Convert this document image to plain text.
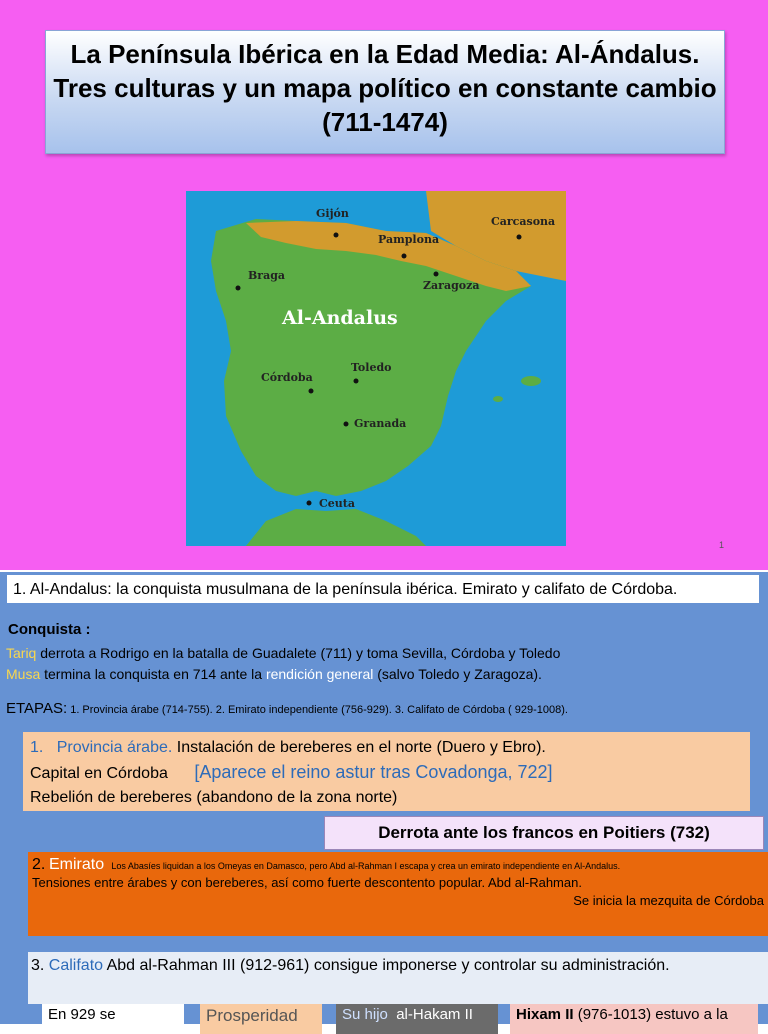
La Península Ibérica en la Edad Media: Al-Ándalus.
Tres culturas y un mapa político en constante cambio
(711-1474)
Gijón
Carcasona
Pamplona
Braga
Zaragoza
Toledo
Córdoba
Granada
Ceuta
Al-Andalus
1
1. Al-Andalus: la conquista musulmana de la península ibérica. Emirato y califato de Córdoba.
Conquista :
Tariq derrota a Rodrigo en la batalla de Guadalete (711) y toma Sevilla, Córdoba y Toledo
Musa termina la conquista en 714 ante la rendición general (salvo Toledo y Zaragoza).
ETAPAS: 1. Provincia árabe (714-755). 2. Emirato independiente (756-929). 3. Califato de Córdoba ( 929-1008).
1. Provincia árabe. Instalación de bereberes en el norte (Duero y Ebro).
Capital en Córdoba [Aparece el reino astur tras Covadonga, 722]
Rebelión de bereberes (abandono de la zona norte)
Derrota ante los francos en Poitiers (732)
2. Emirato Los Abasíes liquidan a los Omeyas en Damasco, pero Abd al-Rahman I escapa y crea un emirato independiente en Al-Andalus.
Tensiones entre árabes y con bereberes, así como fuerte descontento popular. Abd al-Rahman.
Se inicia la mezquita de Córdoba
3. Califato Abd al-Rahman III (912-961) consigue imponerse y controlar su administración.
En 929 se	Prosperidad	Su hijo al-Hakam II	Hixam II (976-1013) estuvo a la
